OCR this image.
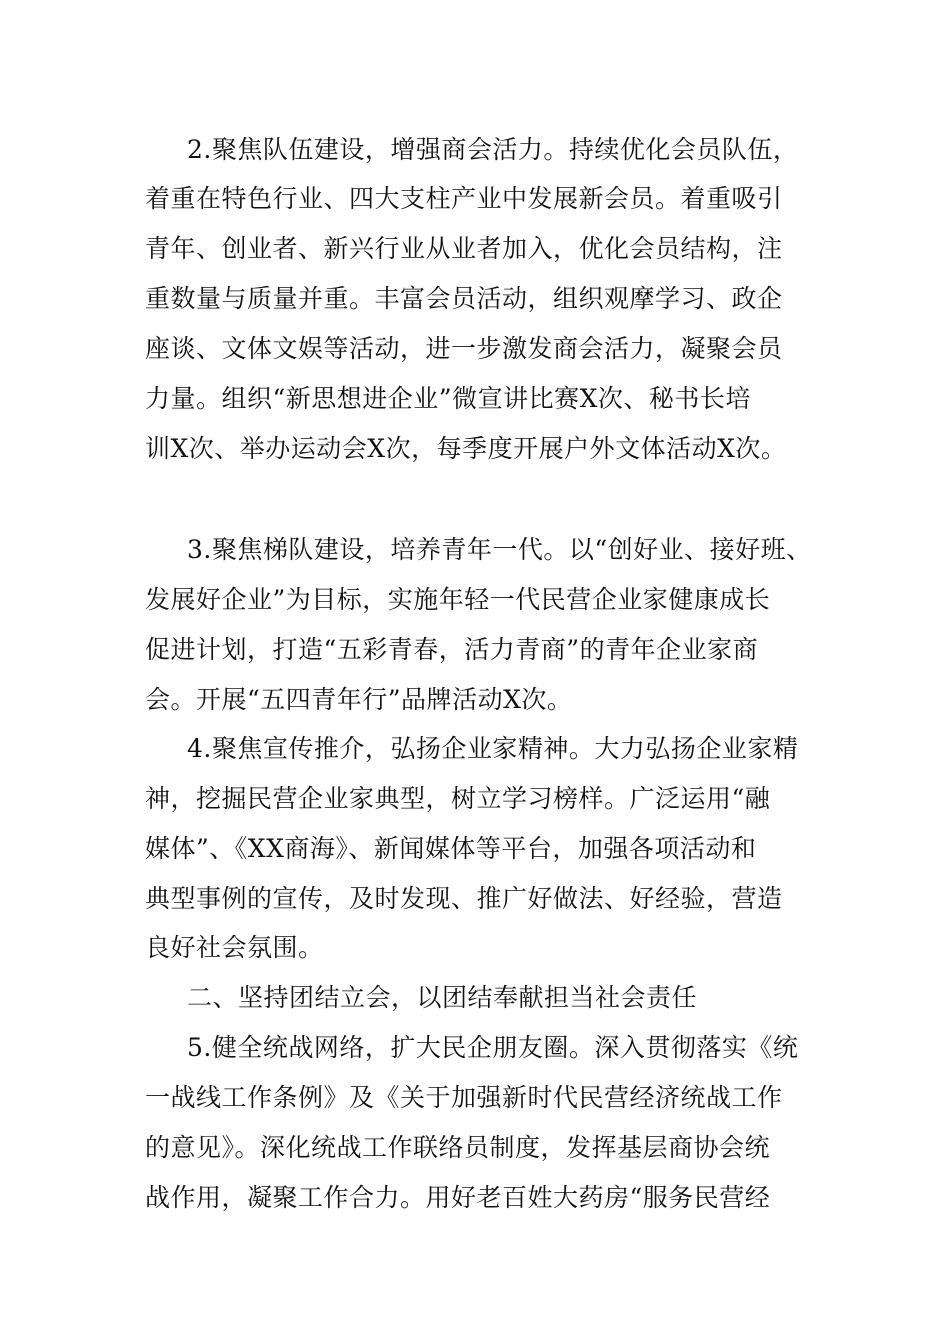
2.聚焦队伍建设，增强商会活力。持续优化会员队伍，
着重在特色行业、四大支柱产业中发展新会员。着重吸引
青年、创业者、新兴行业从业者加入，优化会员结构，注
重数量与质量并重。丰富会员活动，组织观摩学习、政企
座谈、文体文娱等活动，进一步激发商会活力，凝聚会员
力量。组织“新思想进企业”微宣讲比赛X次、秘书长培
训X次、举办运动会X次，每季度开展户外文体活动X次。
3.聚焦梯队建设，培养青年一代。以“创好业、接好班、
发展好企业”为目标，实施年轻一代民营企业家健康成长
促进计划，打造“五彩青春，活力青商”的青年企业家商
会。开展“五四青年行”品牌活动X次。
4.聚焦宣传推介，弘扬企业家精神。大力弘扬企业家精
神，挖掘民营企业家典型，树立学习榜样。广泛运用“融
媒体”、《XX商海》、新闻媒体等平台，加强各项活动和
典型事例的宣传，及时发现、推广好做法、好经验，营造
良好社会氛围。
二、坚持团结立会，以团结奉献担当社会责任
5.健全统战网络，扩大民企朋友圈。深入贯彻落实《统
一战线工作条例》及《关于加强新时代民营经济统战工作
的意见》。深化统战工作联络员制度，发挥基层商协会统
战作用，凝聚工作合力。用好老百姓大药房“服务民营经
